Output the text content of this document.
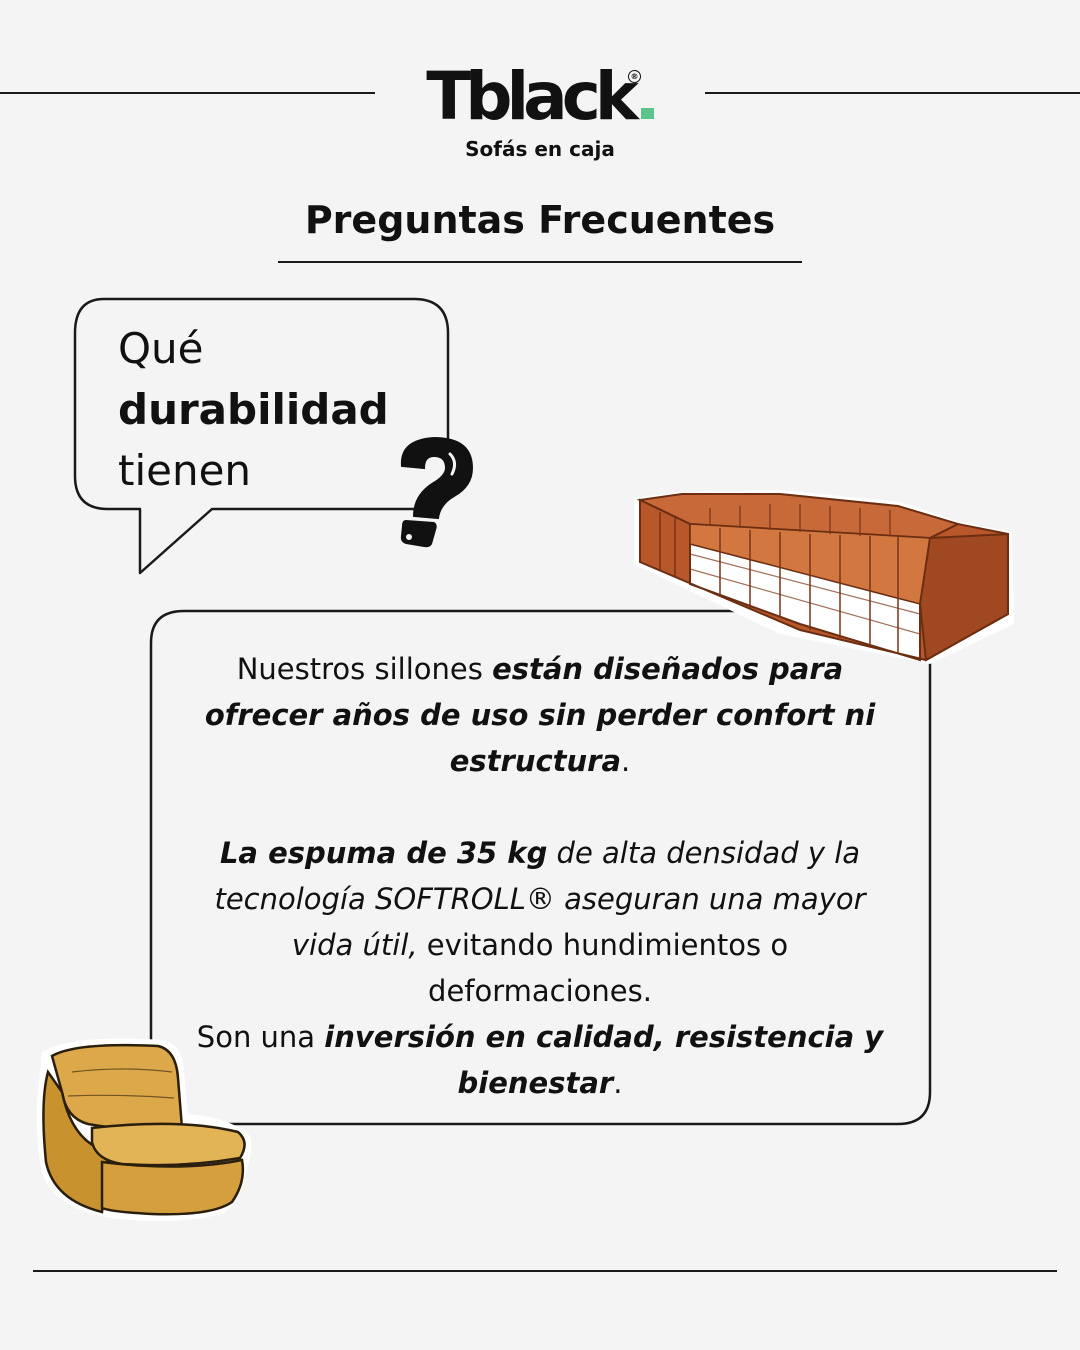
Tblack
®
Sofás en caja
Preguntas Frecuentes
Qué
durabilidad
tienen

Nuestros sillones están diseñados para ofrecer años de uso sin perder confort ni estructura.

La espuma de 35 kg de alta densidad y la tecnología SOFTROLL® aseguran una mayor vida útil, evitando hundimientos o deformaciones.

Son una inversión en calidad, resistencia y bienestar.
